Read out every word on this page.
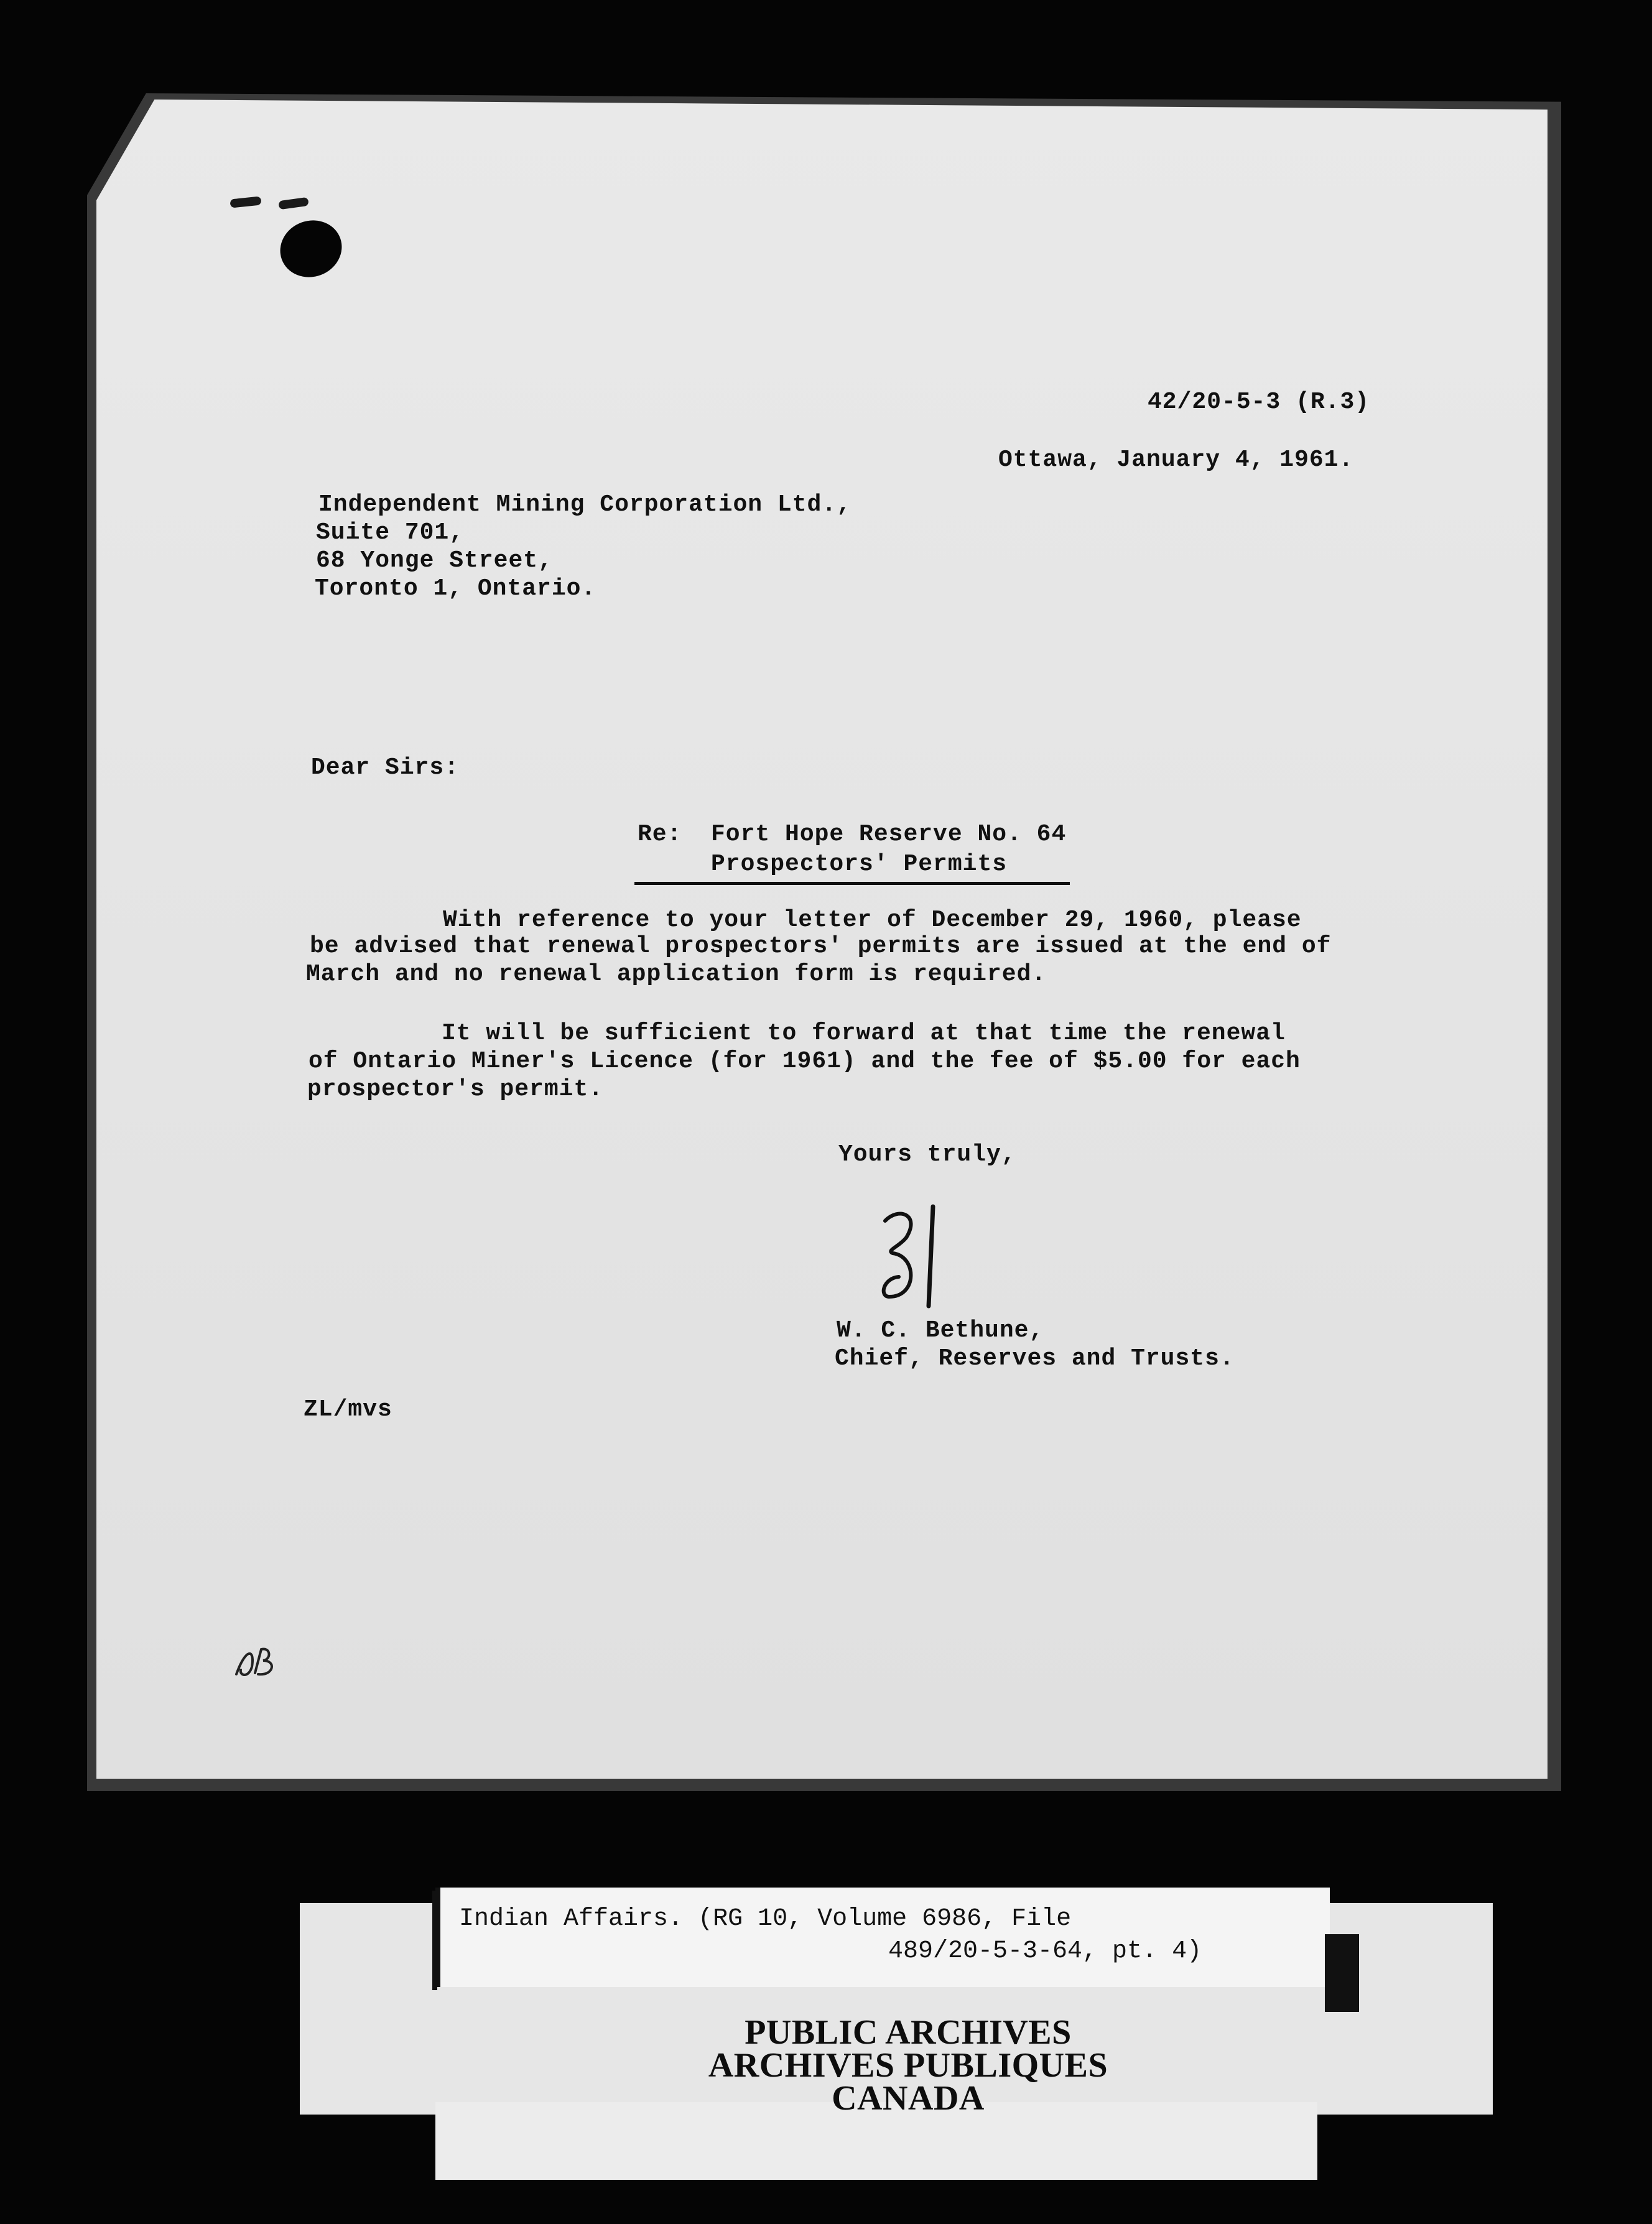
42/20-5-3 (R.3)
Ottawa, January 4, 1961.
Independent Mining Corporation Ltd.,
Suite 701,
68 Yonge Street,
Toronto 1, Ontario.
Dear Sirs:
Re: Fort Hope Reserve No. 64
Prospectors' Permits
With reference to your letter of December 29, 1960, please
be advised that renewal prospectors' permits are issued at the end of
March and no renewal application form is required.
It will be sufficient to forward at that time the renewal
of Ontario Miner's Licence (for 1961) and the fee of $5.00 for each
prospector's permit.
Yours truly,
W. C. Bethune,
Chief, Reserves and Trusts.
ZL/mvs
Indian Affairs. (RG 10, Volume 6986, File
489/20-5-3-64, pt. 4)
PUBLIC ARCHIVES
ARCHIVES PUBLIQUES
CANADA
